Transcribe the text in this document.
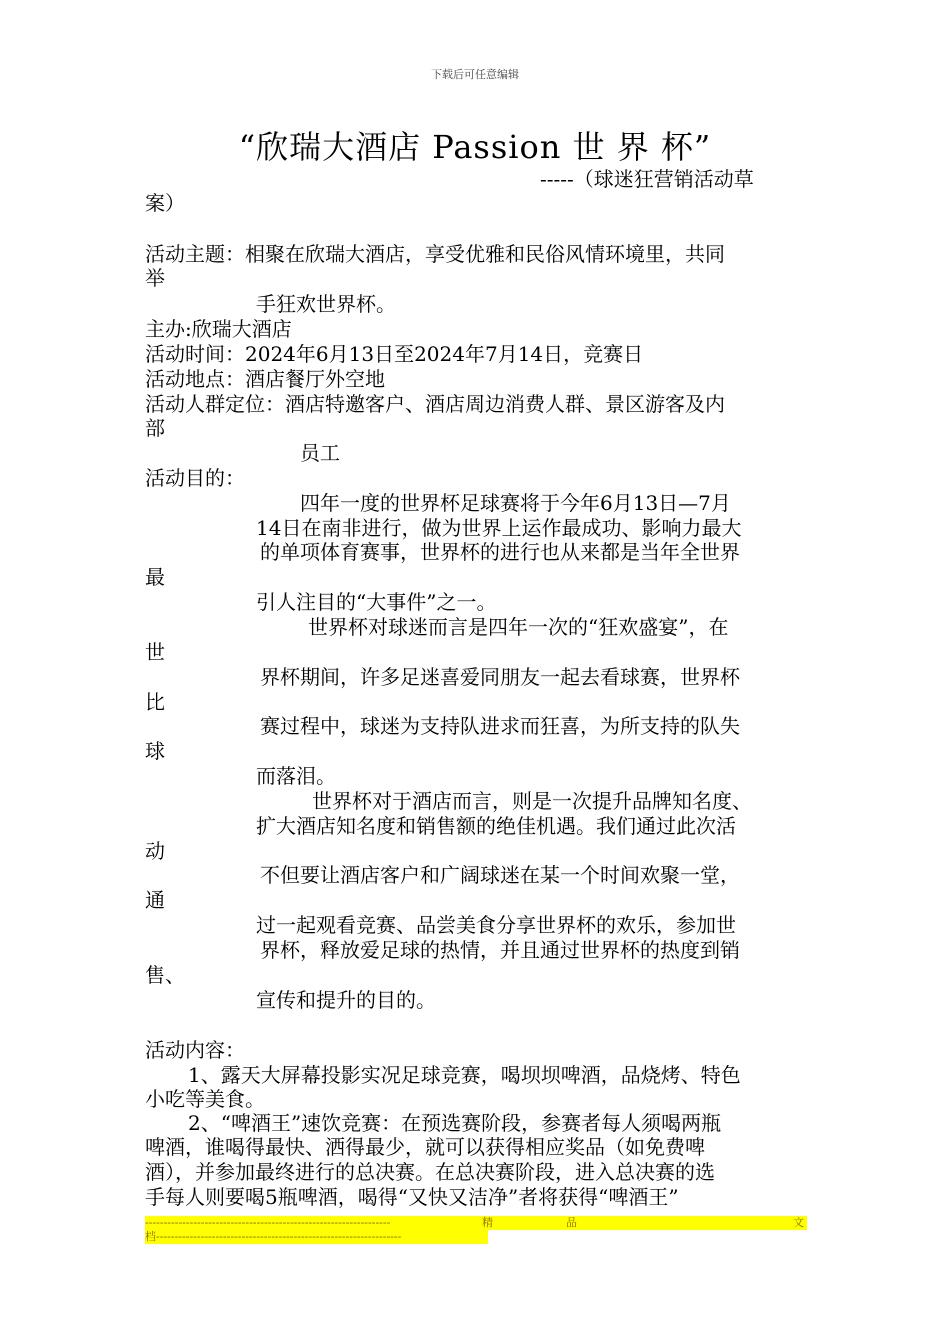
下载后可任意编辑
“欣瑞大酒店 Passion 世 界 杯”
-----（球迷狂营销活动草
案）
活动主题：相聚在欣瑞大酒店，享受优雅和民俗风情环境里，共同
举
手狂欢世界杯。
主办:欣瑞大酒店
活动时间：2024年6月13日至2024年7月14日，竞赛日
活动地点：酒店餐厅外空地
活动人群定位：酒店特邀客户、酒店周边消费人群、景区游客及内
部
员工
活动目的：
四年一度的世界杯足球赛将于今年6月13日—7月
14日在南非进行，做为世界上运作最成功、影响力最大
的单项体育赛事，世界杯的进行也从来都是当年全世界
最
引人注目的“大事件”之一。
世界杯对球迷而言是四年一次的“狂欢盛宴”，在
世
界杯期间，许多足迷喜爱同朋友一起去看球赛，世界杯
比
赛过程中，球迷为支持队进求而狂喜，为所支持的队失
球
而落泪。
世界杯对于酒店而言，则是一次提升品牌知名度、
扩大酒店知名度和销售额的绝佳机遇。我们通过此次活
动
不但要让酒店客户和广阔球迷在某一个时间欢聚一堂，
通
过一起观看竞赛、品尝美食分享世界杯的欢乐，参加世
界杯，释放爱足球的热情，并且通过世界杯的热度到销
售、
宣传和提升的目的。
活动内容：
1、露天大屏幕投影实况足球竞赛，喝坝坝啤酒，品烧烤、特色
小吃等美食。
2、“啤酒王”速饮竞赛：在预选赛阶段，参赛者每人须喝两瓶
啤酒，谁喝得最快、洒得最少，就可以获得相应奖品（如免费啤
酒），并参加最终进行的总决赛。在总决赛阶段，进入总决赛的选
手每人则要喝5瓶啤酒，喝得“又快又洁净”者将获得“啤酒王”
------------------------------------------------------------------	精	品	文
档------------------------------------------------------------------
